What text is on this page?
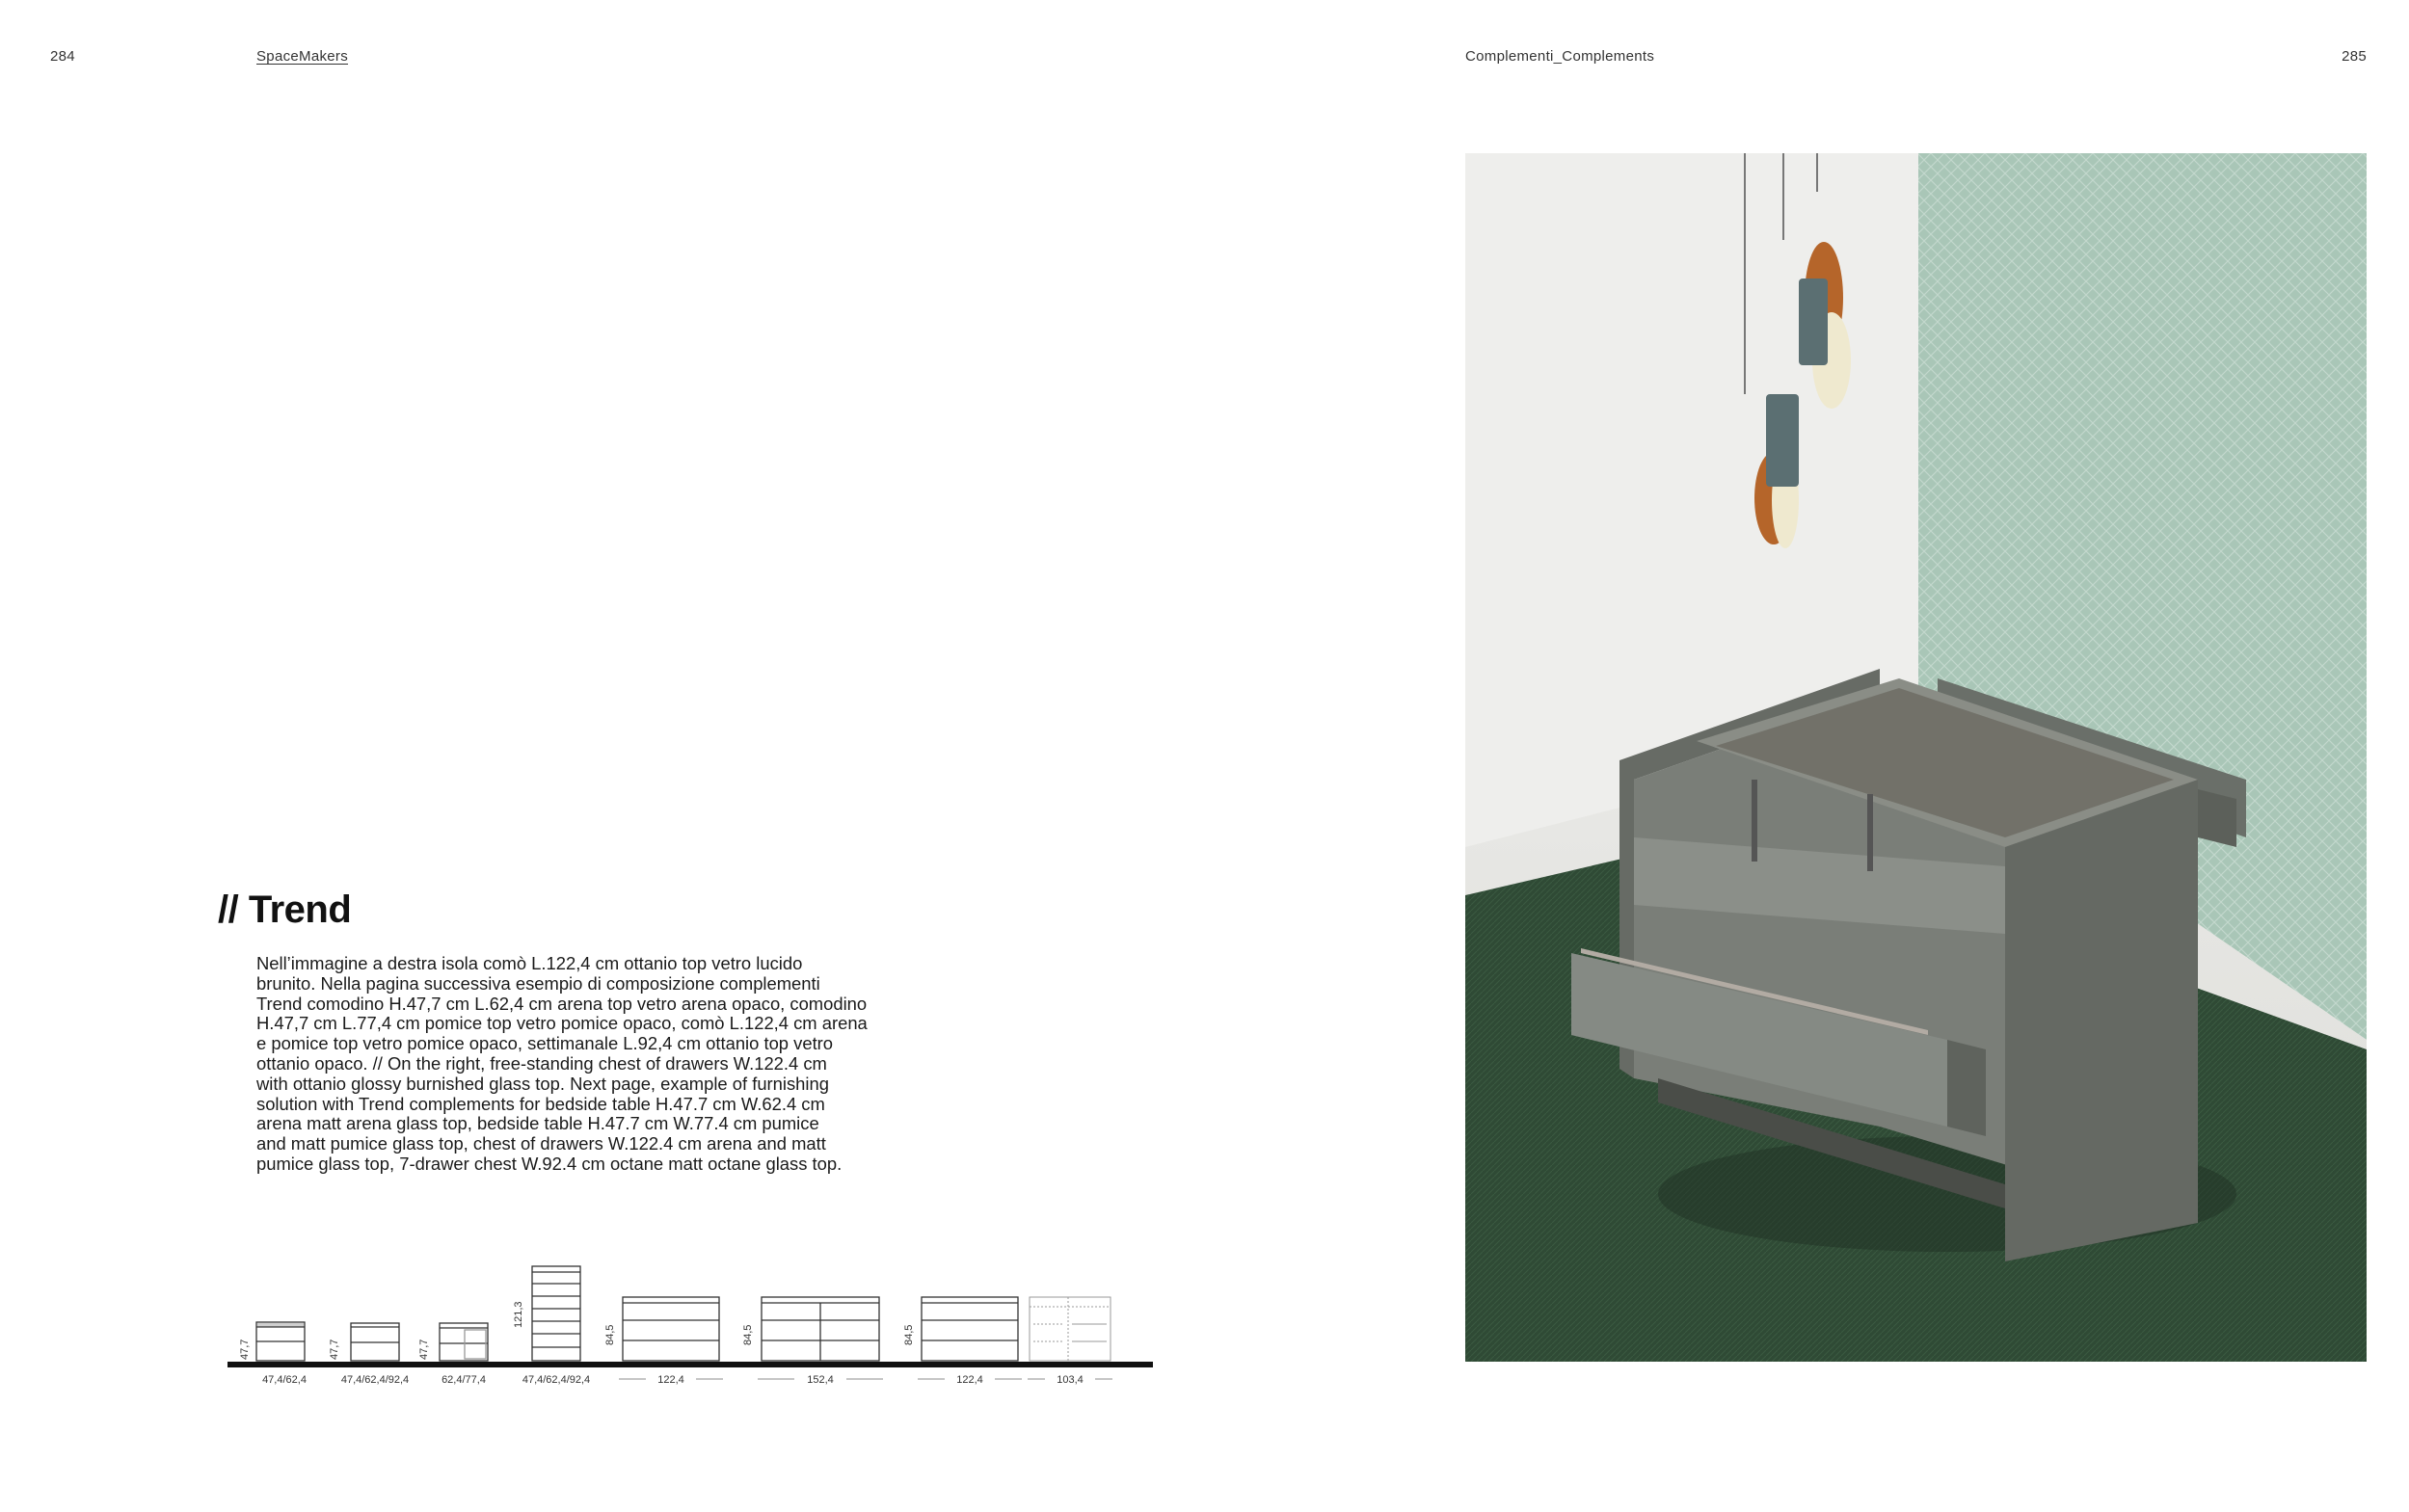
284	SpaceMakers	Complementi_Complements	285
// Trend

Nell’immagine a destra isola comò L.122,4 cm ottanio top vetro lucido
brunito. Nella pagina successiva esempio di composizione complementi
Trend comodino H.47,7 cm L.62,4 cm arena top vetro arena opaco, comodino
H.47,7 cm L.77,4 cm pomice top vetro pomice opaco, comò L.122,4 cm arena
e pomice top vetro pomice opaco, settimanale L.92,4 cm ottanio top vetro
ottanio opaco. // On the right, free-standing chest of drawers W.122.4 cm
with ottanio glossy burnished glass top. Next page, example of furnishing
solution with Trend complements for bedside table H.47.7 cm W.62.4 cm
arena matt arena glass top, bedside table H.47.7 cm W.77.4 cm pumice
and matt pumice glass top, chest of drawers W.122.4 cm arena and matt
pumice glass top, 7-drawer chest W.92.4 cm octane matt octane glass top.

47,7	47,7	47,7
121,3
84,5	84,5	84,5
47,4/62,4	47,4/62,4/92,4	62,4/77,4	47,4/62,4/92,4	122,4	152,4	122,4	103,4
